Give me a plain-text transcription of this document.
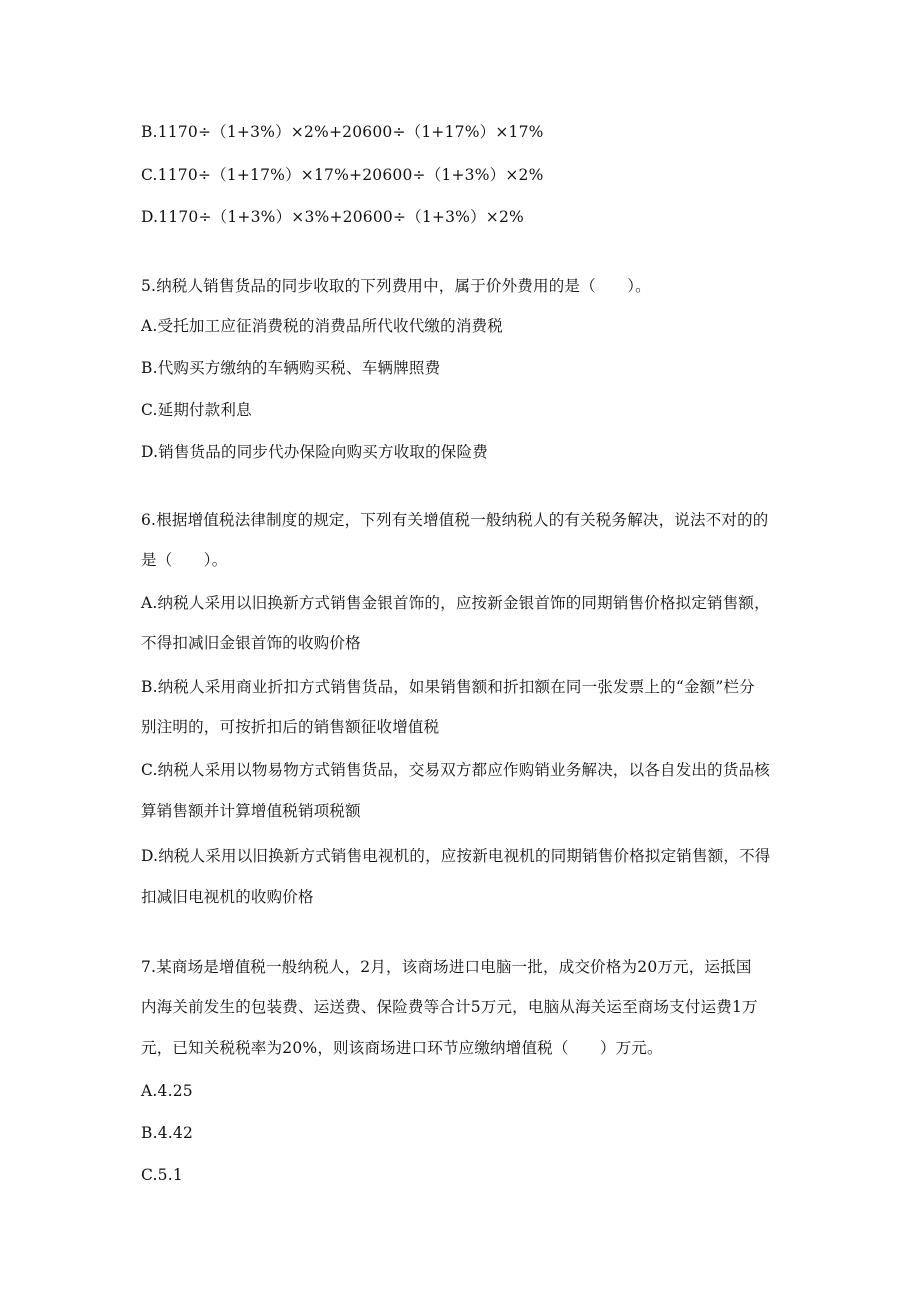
B.1170÷（1+3%）×2%+20600÷（1+17%）×17%
C.1170÷（1+17%）×17%+20600÷（1+3%）×2%
D.1170÷（1+3%）×3%+20600÷（1+3%）×2%
5.纳税人销售货品的同步收取的下列费用中，属于价外费用的是（　　）。
A.受托加工应征消费税的消费品所代收代缴的消费税
B.代购买方缴纳的车辆购买税、车辆牌照费
C.延期付款利息
D.销售货品的同步代办保险向购买方收取的保险费
6.根据增值税法律制度的规定，下列有关增值税一般纳税人的有关税务解决，说法不对的的
是（　　）。
A.纳税人采用以旧换新方式销售金银首饰的，应按新金银首饰的同期销售价格拟定销售额，
不得扣减旧金银首饰的收购价格
B.纳税人采用商业折扣方式销售货品，如果销售额和折扣额在同一张发票上的“金额”栏分
别注明的，可按折扣后的销售额征收增值税
C.纳税人采用以物易物方式销售货品，交易双方都应作购销业务解决，以各自发出的货品核
算销售额并计算增值税销项税额
D.纳税人采用以旧换新方式销售电视机的，应按新电视机的同期销售价格拟定销售额，不得
扣减旧电视机的收购价格
7.某商场是增值税一般纳税人，2月，该商场进口电脑一批，成交价格为20万元，运抵国
内海关前发生的包装费、运送费、保险费等合计5万元，电脑从海关运至商场支付运费1万
元，已知关税税率为20%，则该商场进口环节应缴纳增值税（　　）万元。
A.4.25
B.4.42
C.5.1
